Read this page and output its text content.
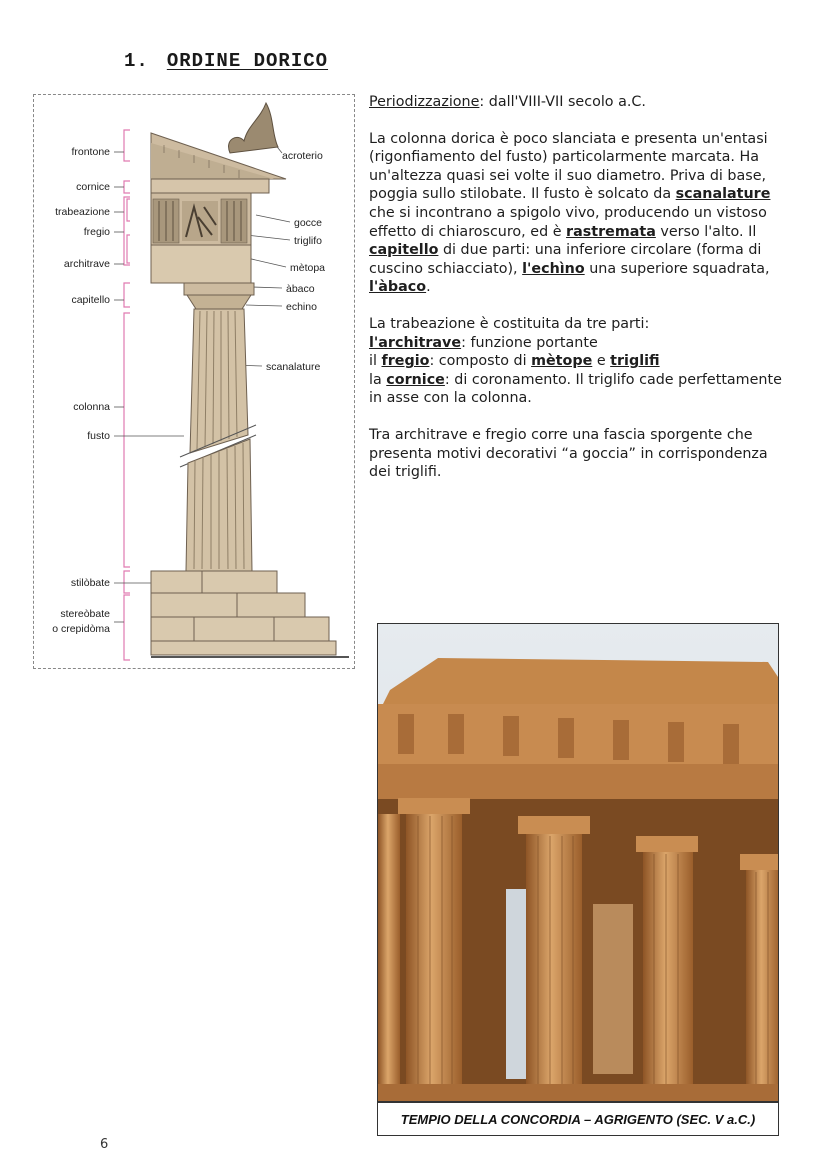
1. ORDINE DORICO
frontone
cornice
trabeazione
fregio
architrave
capitello
colonna
fusto
stilòbate
stereòbate
o crepidòma
acroterio
gocce
triglifo
mètopa
àbaco
echino
scanalature

Periodizzazione: dall'VIII-VII secolo a.C.

La colonna dorica è poco slanciata e presenta un'entasi (rigonfiamento del fusto) particolarmente marcata. Ha un'altezza quasi sei volte il suo diametro. Priva di base, poggia sullo stilobate. Il fusto è solcato da scanalature che si incontrano a spigolo vivo, producendo un vistoso effetto di chiaroscuro, ed è rastremata verso l'alto. Il capitello di due parti: una inferiore circolare (forma di cuscino schiacciato), l'echìno una superiore squadrata, l'àbaco.

La trabeazione è costituita da tre parti:
l'architrave: funzione portante
il fregio: composto di mètope e triglifi
la cornice: di coronamento. Il triglifo cade perfettamente in asse con la colonna.

Tra architrave e fregio corre una fascia sporgente che presenta motivi decorativi “a goccia” in corrispondenza dei triglifi.

TEMPIO DELLA CONCORDIA – AGRIGENTO (SEC. V a.C.)
6
